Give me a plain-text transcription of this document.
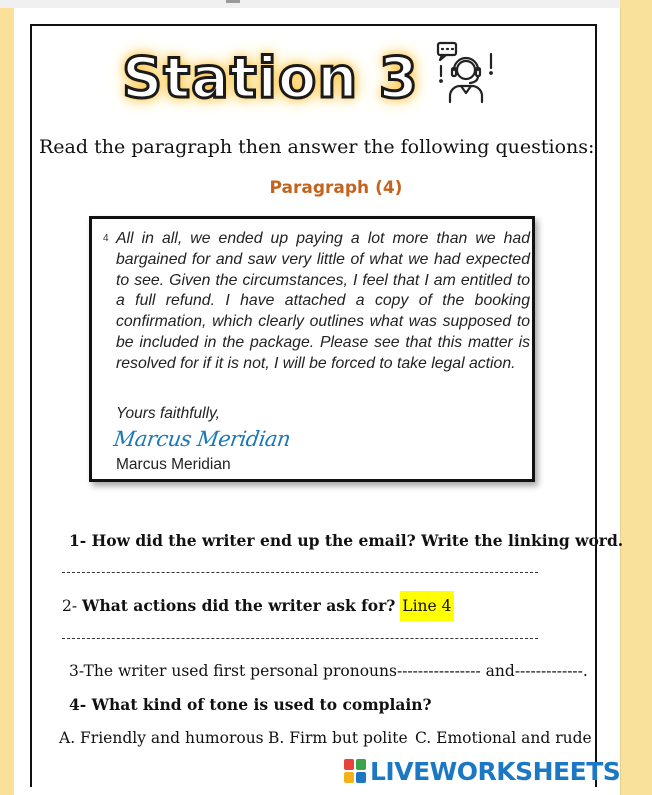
Station 3
Read the paragraph then answer the following questions:
Paragraph (4)
4 All in all, we ended up paying a lot more than we had bargained for and saw very little of what we had expected to see. Given the circumstances, I feel that I am entitled to a full refund. I have attached a copy of the booking confirmation, which clearly outlines what was supposed to be included in the package. Please see that this matter is resolved for if it is not, I will be forced to take legal action.
Yours faithfully,
Marcus Meridian
Marcus Meridian
1- How did the writer end up the email? Write the linking word.
2- What actions did the writer ask for? Line 4
3-The writer used first personal pronouns---------------- and-------------.
4- What kind of tone is used to complain?
A. Friendly and humorous B. Firm but polite C. Emotional and rude
LIVEWORKSHEETS
